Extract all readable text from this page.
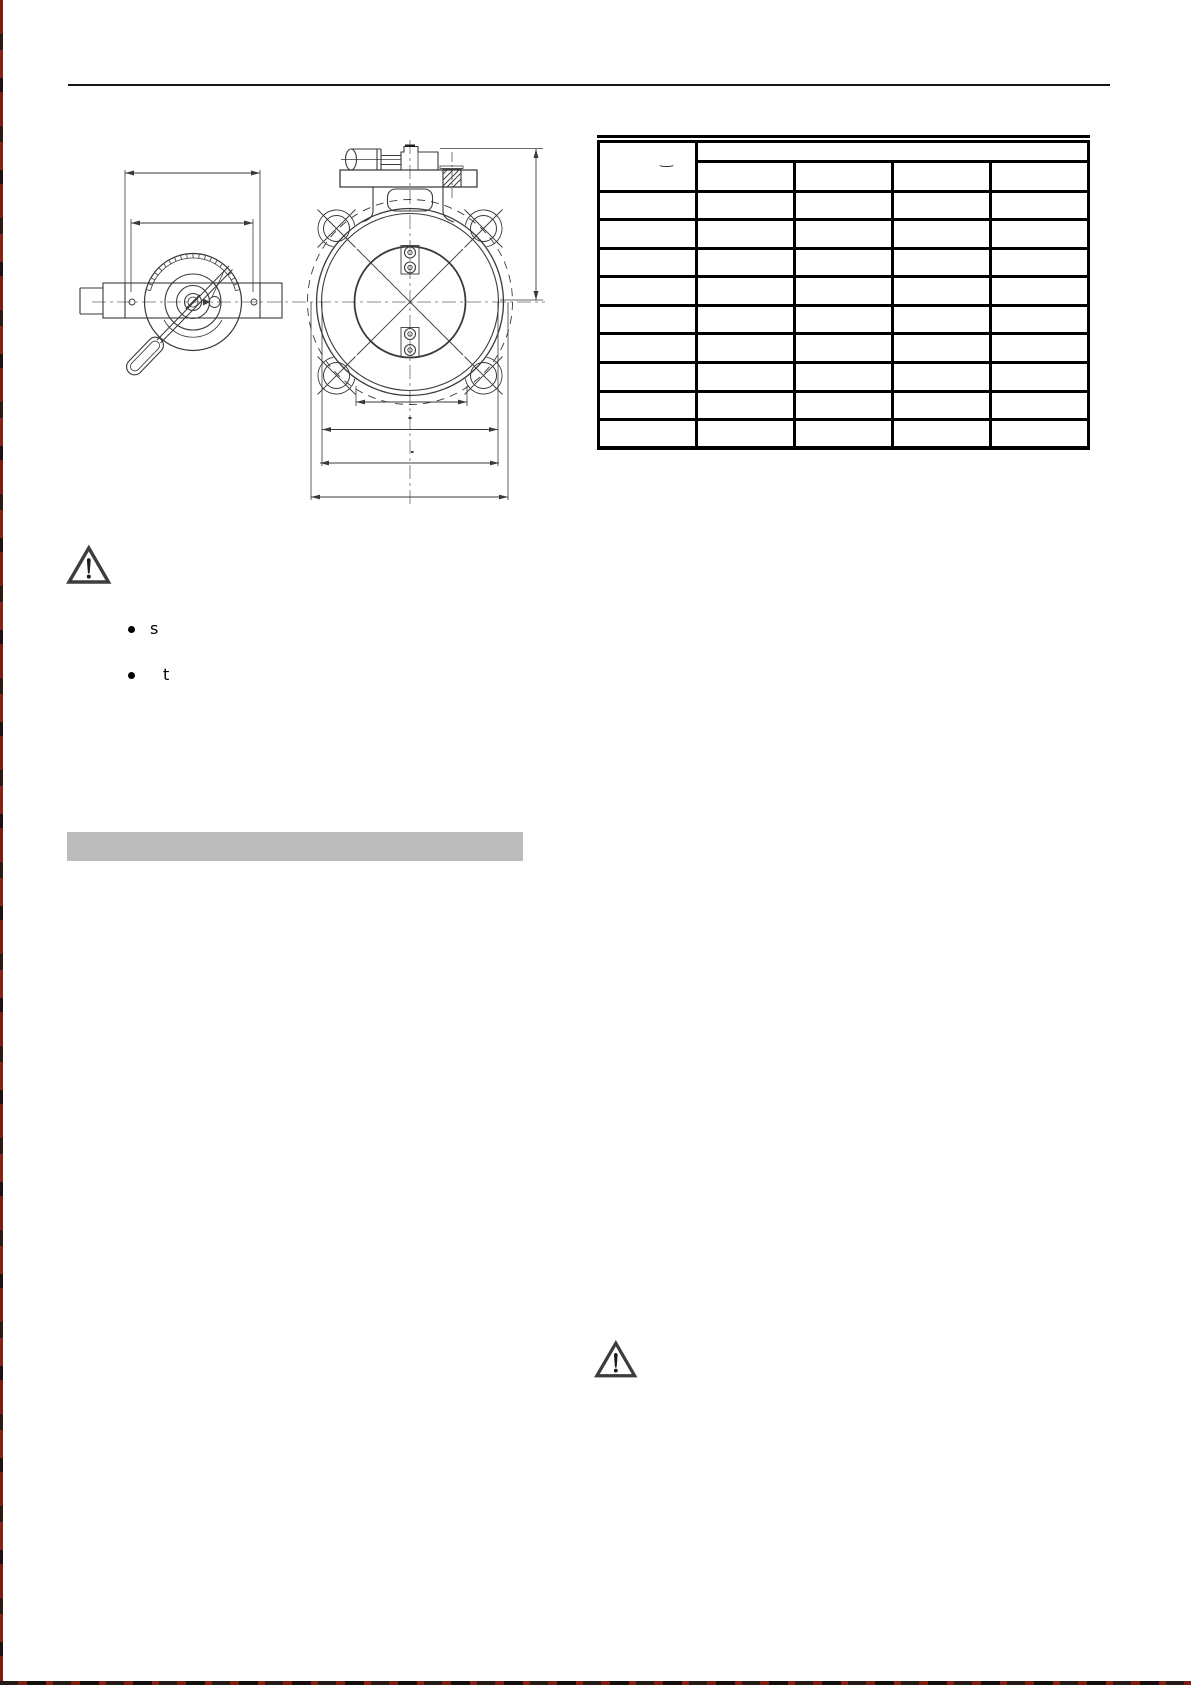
‿				

s
t
